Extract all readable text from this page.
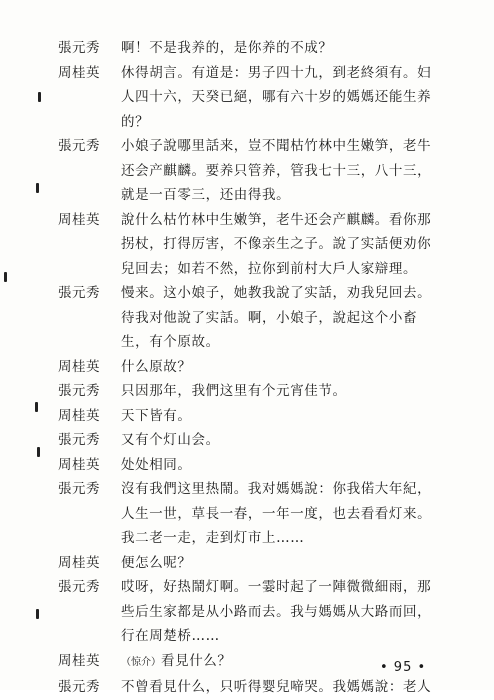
張元秀	啊！不是我养的，是你养的不成？
周桂英	休得胡言。有道是：男子四十九，到老終須有。妇
人四十六，天癸已絕，哪有六十岁的媽媽还能生养
的？
張元秀	小娘子說哪里話来，豈不聞枯竹林中生嫩笋，老牛
还会产麒麟。要养只管养，管我七十三，八十三，
就是一百零三，还由得我。
周桂英	說什么枯竹林中生嫩笋，老牛还会产麒麟。看你那
拐杖，打得厉害，不像亲生之子。說了实話便劝你
兒回去；如若不然，拉你到前村大戶人家辯理。
張元秀	慢来。这小娘子，她教我說了实話，劝我兒回去。
待我对他說了实話。啊，小娘子，說起这个小畜
生，有个原故。
周桂英	什么原故？
張元秀	只因那年，我們这里有个元宵佳节。
周桂英	天下皆有。
張元秀	又有个灯山会。
周桂英	处处相同。
張元秀	沒有我們这里热鬧。我对媽媽說：你我偌大年紀，
人生一世，草長一春，一年一度，也去看看灯来。
我二老一走，走到灯市上……
周桂英	便怎么呢？
張元秀	哎呀，好热鬧灯啊。一霎时起了一陣微微細雨，那
些后生家都是从小路而去。我与媽媽从大路而回，
行在周楚桥……
周桂英	（惊介）看見什么？
張元秀	不曾看見什么，只听得婴兒啼哭。我媽媽說：老人
• 95 •
